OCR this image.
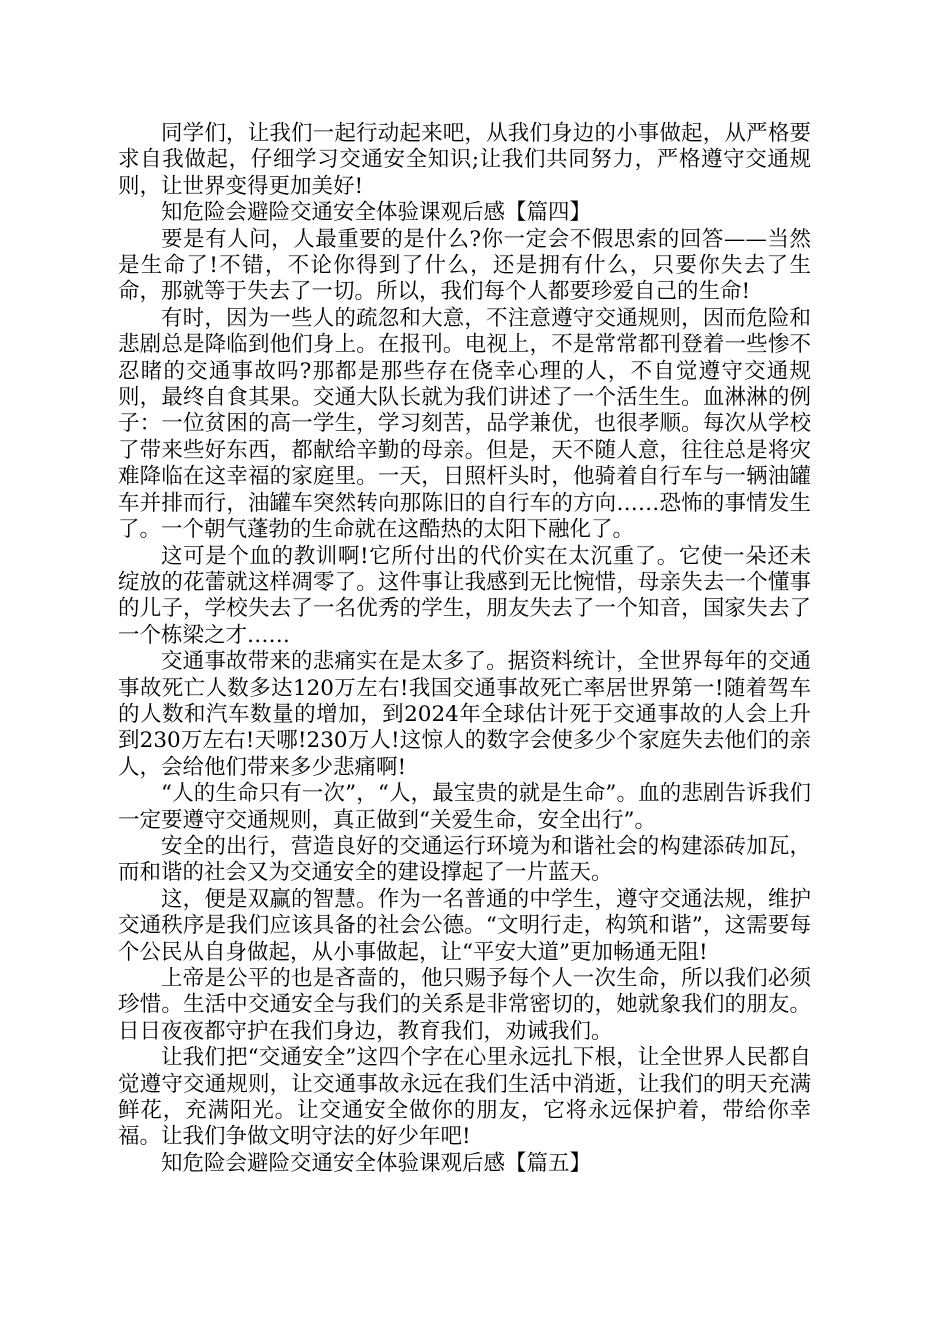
同学们，让我们一起行动起来吧，从我们身边的小事做起，从严格要求自我做起，仔细学习交通安全知识;让我们共同努力，严格遵守交通规则，让世界变得更加美好!

知危险会避险交通安全体验课观后感【篇四】

要是有人问，人最重要的是什么?你一定会不假思索的回答——当然是生命了!不错，不论你得到了什么，还是拥有什么，只要你失去了生命，那就等于失去了一切。所以，我们每个人都要珍爱自己的生命!

有时，因为一些人的疏忽和大意，不注意遵守交通规则，因而危险和悲剧总是降临到他们身上。在报刊。电视上，不是常常都刊登着一些惨不忍睹的交通事故吗?那都是那些存在侥幸心理的人，不自觉遵守交通规则，最终自食其果。交通大队长就为我们讲述了一个活生生。血淋淋的例子：一位贫困的高一学生，学习刻苦，品学兼优，也很孝顺。每次从学校了带来些好东西，都献给辛勤的母亲。但是，天不随人意，往往总是将灾难降临在这幸福的家庭里。一天，日照杆头时，他骑着自行车与一辆油罐车并排而行，油罐车突然转向那陈旧的自行车的方向……恐怖的事情发生了。一个朝气蓬勃的生命就在这酷热的太阳下融化了。

这可是个血的教训啊!它所付出的代价实在太沉重了。它使一朵还未绽放的花蕾就这样凋零了。这件事让我感到无比惋惜，母亲失去一个懂事的儿子，学校失去了一名优秀的学生，朋友失去了一个知音，国家失去了一个栋梁之才……

交通事故带来的悲痛实在是太多了。据资料统计，全世界每年的交通事故死亡人数多达120万左右!我国交通事故死亡率居世界第一!随着驾车的人数和汽车数量的增加，到2024年全球估计死于交通事故的人会上升到230万左右!天哪!230万人!这惊人的数字会使多少个家庭失去他们的亲人，会给他们带来多少悲痛啊!

“人的生命只有一次”，“人，最宝贵的就是生命”。血的悲剧告诉我们一定要遵守交通规则，真正做到“关爱生命，安全出行”。

安全的出行，营造良好的交通运行环境为和谐社会的构建添砖加瓦，而和谐的社会又为交通安全的建设撑起了一片蓝天。

这，便是双赢的智慧。作为一名普通的中学生，遵守交通法规，维护交通秩序是我们应该具备的社会公德。“文明行走，构筑和谐”，这需要每个公民从自身做起，从小事做起，让“平安大道”更加畅通无阻!

上帝是公平的也是吝啬的，他只赐予每个人一次生命，所以我们必须珍惜。生活中交通安全与我们的关系是非常密切的，她就象我们的朋友。日日夜夜都守护在我们身边，教育我们，劝诫我们。

让我们把“交通安全”这四个字在心里永远扎下根，让全世界人民都自觉遵守交通规则，让交通事故永远在我们生活中消逝，让我们的明天充满鲜花，充满阳光。让交通安全做你的朋友，它将永远保护着，带给你幸福。让我们争做文明守法的好少年吧!

知危险会避险交通安全体验课观后感【篇五】
